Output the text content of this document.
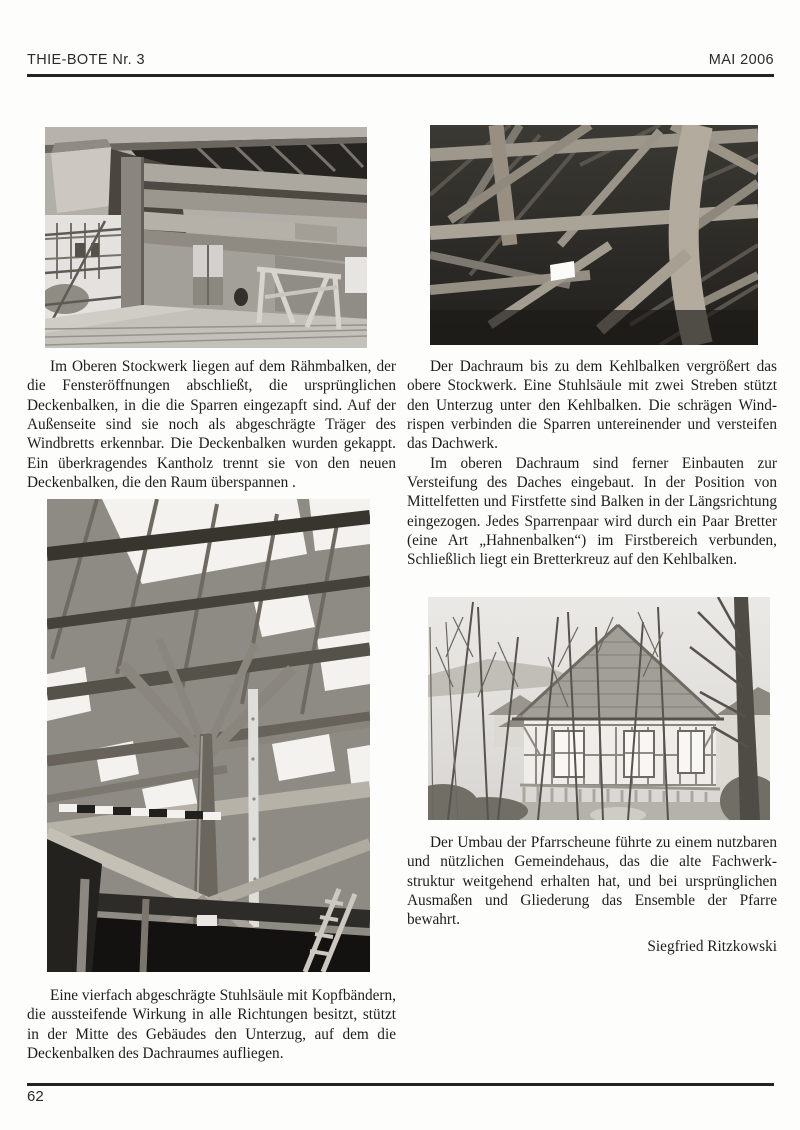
THIE-BOTE Nr. 3	MAI 2006

Im Oberen Stockwerk liegen auf dem Rähmbalken, der die Fensteröffnungen abschließt, die ursprünglichen Deckenbalken, in die die Sparren eingezapft sind. Auf der Außenseite sind sie noch als abgeschrägte Träger des Windbretts erkennbar. Die Deckenbalken wurden gekappt. Ein überkragendes Kantholz trennt sie von den neuen Deckenbalken, die den Raum überspannen .

Der Dachraum bis zu dem Kehlbalken vergrößert das obere Stockwerk. Eine Stuhlsäule mit zwei Streben stützt den Unterzug unter den Kehlbalken. Die schrägen Windrispen verbinden die Sparren untereinender und versteifen das Dachwerk.

Im oberen Dachraum sind ferner Einbauten zur Versteifung des Daches eingebaut. In der Position von Mittelfetten und Firstfette sind Balken in der Längsrichtung eingezogen. Jedes Sparrenpaar wird durch ein Paar Bretter (eine Art „Hahnenbalken“) im Firstbereich verbunden, Schließlich liegt ein Bretterkreuz auf den Kehlbalken.

Eine vierfach abgeschrägte Stuhlsäule mit Kopfbändern, die aussteifende Wirkung in alle Richtungen besitzt, stützt in der Mitte des Gebäudes den Unterzug, auf dem die Deckenbalken des Dachraumes aufliegen.

Der Umbau der Pfarrscheune führte zu einem nutzbaren und nützlichen Gemeindehaus, das die alte Fachwerkstruktur weitgehend erhalten hat, und bei ursprünglichen Ausmaßen und Gliederung das Ensemble der Pfarre bewahrt.

Siegfried Ritzkowski
62
